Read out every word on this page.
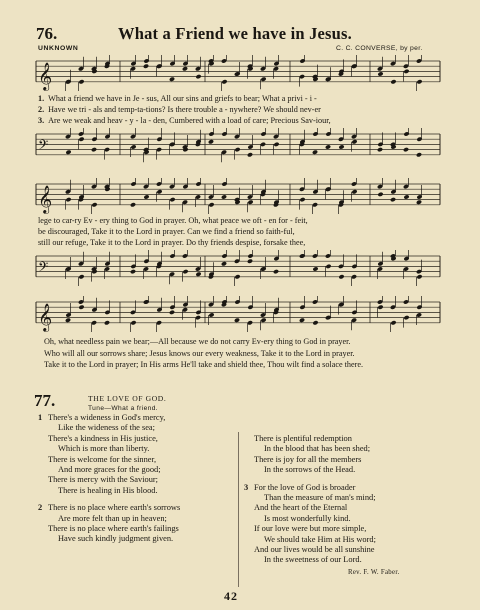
76.	What a Friend we have in Jesus.
UNKNOWN	C. C. CONVERSE, by per.
𝄞
1. What a friend we have in Je - sus, All our sins and griefs to bear; What a privi - i -
2. Have we tri - als and temp-ta-tions? Is there trouble a - nywhere? We should nev-er
3. Are we weak and heav - y - la - den, Cumbered with a load of care; Precious Sav-iour,
𝄢
𝄞
lege to car-ry Ev - ery thing to God in prayer. Oh, what peace we oft - en for - feit,
be discouraged, Take it to the Lord in prayer. Can we find a friend so faith-ful,
still our refuge, Take it to the Lord in prayer. Do thy friends despise, forsake thee,
𝄢
𝄞
Oh, what needless pain we bear;—All because we do not carry Ev-ery thing to God in prayer.
Who will all our sorrows share; Jesus knows our every weakness, Take it to the Lord in prayer.
Take it to the Lord in prayer; In His arms He'll take and shield thee, Thou wilt find a solace there.
77.	THE LOVE OF GOD.
Tune—What a friend.
1 There's a wideness in God's mercy,
Like the wideness of the sea;
There's a kindness in His justice,
Which is more than liberty.
There is welcome for the sinner,
And more graces for the good;
There is mercy with the Saviour;
There is healing in His blood.
2 There is no place where earth's sorrows
Are more felt than up in heaven;
There is no place where earth's failings
Have such kindly judgment given.
There is plentiful redemption
In the blood that has been shed;
There is joy for all the members
In the sorrows of the Head.
3 For the love of God is broader
Than the measure of man's mind;
And the heart of the Eternal
Is most wonderfully kind.
If our love were but more simple,
We should take Him at His word;
And our lives would be all sunshine
In the sweetness of our Lord.
Rev. F. W. Faber.
42
